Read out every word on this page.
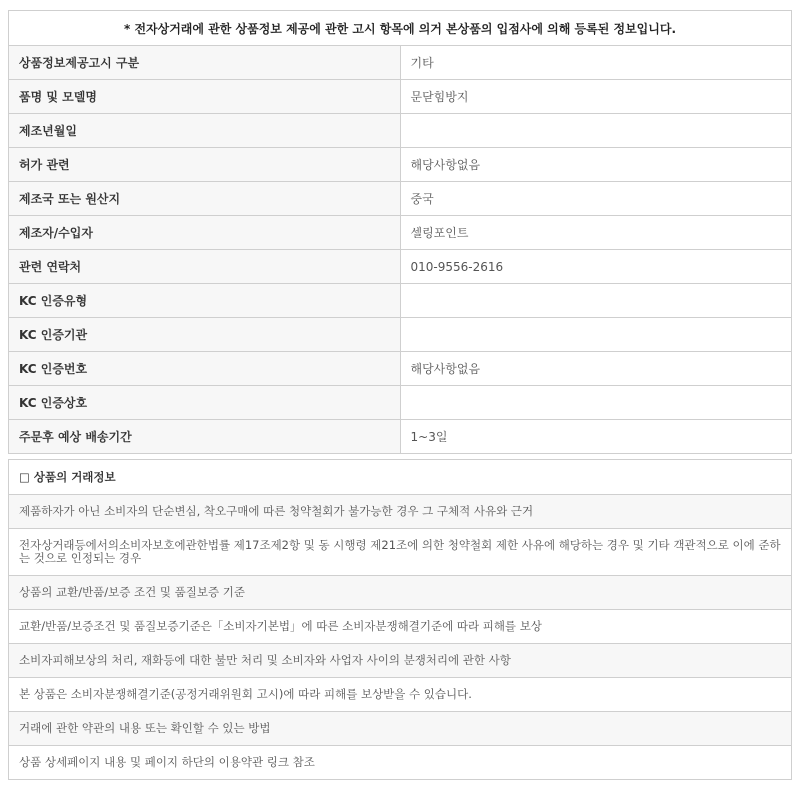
* 전자상거래에 관한 상품정보 제공에 관한 고시 항목에 의거 본상품의 입점사에 의해 등록된 정보입니다.	
상품정보제공고시 구분	기타
품명 및 모델명	문닫힘방지
제조년월일	
허가 관련	해당사항없음
제조국 또는 원산지	중국
제조자/수입자	셀링포인트
관련 연락처	010-9556-2616
KC 인증유형	
KC 인증기관	
KC 인증번호	해당사항없음
KC 인증상호	
주문후 예상 배송기간	1~3일
□ 상품의 거래정보
제품하자가 아닌 소비자의 단순변심, 착오구매에 따른 청약철회가 불가능한 경우 그 구체적 사유와 근거
전자상거래등에서의소비자보호에관한법률 제17조제2항 및 동 시행령 제21조에 의한 청약철회 제한 사유에 해당하는 경우 및 기타 객관적으로 이에 준하는 것으로 인정되는 경우
상품의 교환/반품/보증 조건 및 품질보증 기준
교환/반품/보증조건 및 품질보증기준은「소비자기본법」에 따른 소비자분쟁해결기준에 따라 피해를 보상
소비자피해보상의 처리, 재화등에 대한 불만 처리 및 소비자와 사업자 사이의 분쟁처리에 관한 사항
본 상품은 소비자분쟁해결기준(공정거래위원회 고시)에 따라 피해를 보상받을 수 있습니다.
거래에 관한 약관의 내용 또는 확인할 수 있는 방법
상품 상세페이지 내용 및 페이지 하단의 이용약관 링크 참조
